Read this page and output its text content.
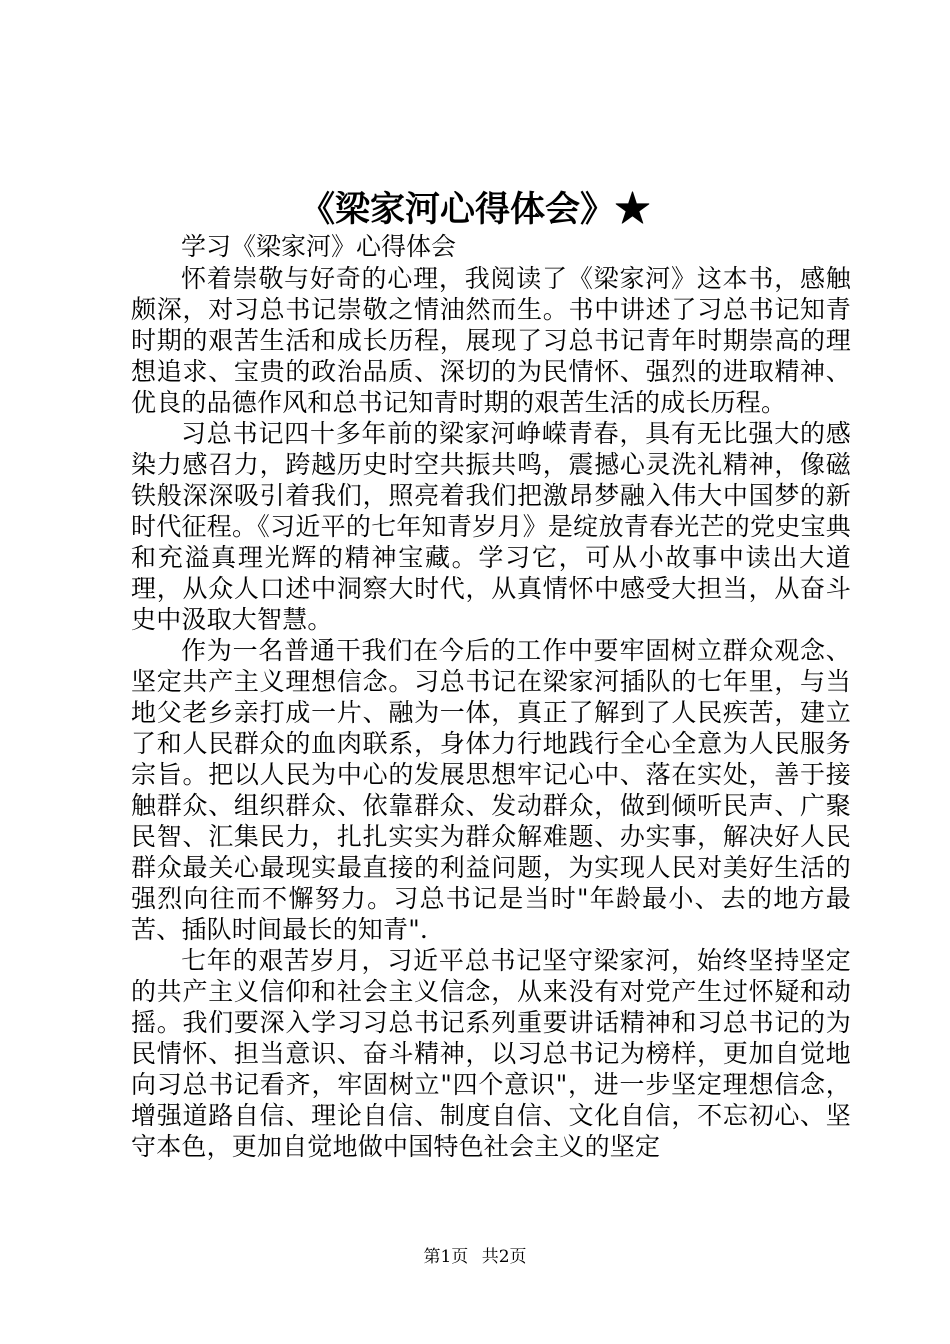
《梁家河心得体会》★

学习《梁家河》心得体会

怀着崇敬与好奇的心理，我阅读了《梁家河》这本书，感触颇深，对习总书记崇敬之情油然而生。书中讲述了习总书记知青时期的艰苦生活和成长历程，展现了习总书记青年时期崇高的理想追求、宝贵的政治品质、深切的为民情怀、强烈的进取精神、优良的品德作风和总书记知青时期的艰苦生活的成长历程。

习总书记四十多年前的梁家河峥嵘青春，具有无比强大的感染力感召力，跨越历史时空共振共鸣，震撼心灵洗礼精神，像磁铁般深深吸引着我们，照亮着我们把激昂梦融入伟大中国梦的新时代征程。《习近平的七年知青岁月》是绽放青春光芒的党史宝典和充溢真理光辉的精神宝藏。学习它，可从小故事中读出大道理，从众人口述中洞察大时代，从真情怀中感受大担当，从奋斗史中汲取大智慧。

作为一名普通干我们在今后的工作中要牢固树立群众观念、坚定共产主义理想信念。习总书记在梁家河插队的七年里，与当地父老乡亲打成一片、融为一体，真正了解到了人民疾苦，建立了和人民群众的血肉联系，身体力行地践行全心全意为人民服务宗旨。把以人民为中心的发展思想牢记心中、落在实处，善于接触群众、组织群众、依靠群众、发动群众，做到倾听民声、广聚民智、汇集民力，扎扎实实为群众解难题、办实事，解决好人民群众最关心最现实最直接的利益问题，为实现人民对美好生活的强烈向往而不懈努力。习总书记是当时"年龄最小、去的地方最苦、插队时间最长的知青".

七年的艰苦岁月，习近平总书记坚守梁家河，始终坚持坚定的共产主义信仰和社会主义信念，从来没有对党产生过怀疑和动摇。我们要深入学习习总书记系列重要讲话精神和习总书记的为民情怀、担当意识、奋斗精神，以习总书记为榜样，更加自觉地向习总书记看齐，牢固树立"四个意识"，进一步坚定理想信念，增强道路自信、理论自信、制度自信、文化自信，不忘初心、坚守本色，更加自觉地做中国特色社会主义的坚定

第1页 共2页
